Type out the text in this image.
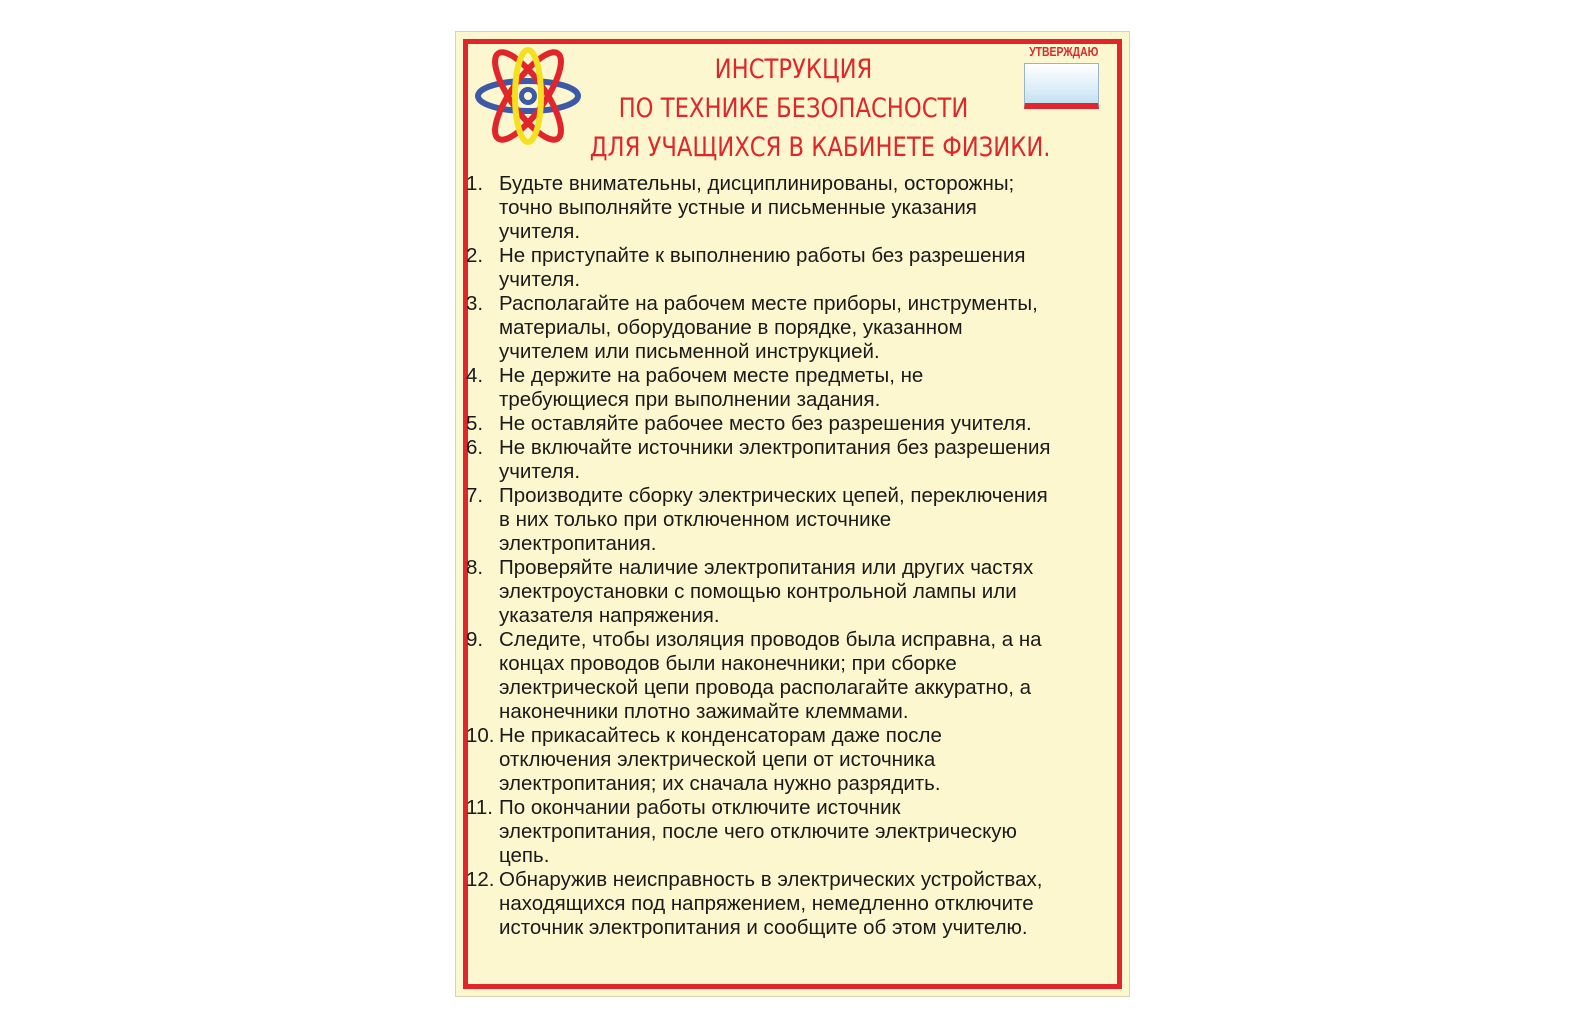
ИНСТРУКЦИЯ
ПО ТЕХНИКЕ БЕЗОПАСНОСТИ
ДЛЯ УЧАЩИХСЯ В КАБИНЕТЕ ФИЗИКИ.
УТВЕРЖДАЮ
1. Будьте внимательны, дисциплинированы, осторожны;
точно выполняйте устные и письменные указания
учителя.
2. Не приступайте к выполнению работы без разрешения
учителя.
3. Располагайте на рабочем месте приборы, инструменты,
материалы, оборудование в порядке, указанном
учителем или письменной инструкцией.
4. Не держите на рабочем месте предметы, не
требующиеся при выполнении задания.
5. Не оставляйте рабочее место без разрешения учителя.
6. Не включайте источники электропитания без разрешения
учителя.
7. Производите сборку электрических цепей, переключения
в них только при отключенном источнике
электропитания.
8. Проверяйте наличие электропитания или других частях
электроустановки с помощью контрольной лампы или
указателя напряжения.
9. Следите, чтобы изоляция проводов была исправна, а на
концах проводов были наконечники; при сборке
электрической цепи провода располагайте аккуратно, а
наконечники плотно зажимайте клеммами.
10. Не прикасайтесь к конденсаторам даже после
отключения электрической цепи от источника
электропитания; их сначала нужно разрядить.
11. По окончании работы отключите источник
электропитания, после чего отключите электрическую
цепь.
12. Обнаружив неисправность в электрических устройствах,
находящихся под напряжением, немедленно отключите
источник электропитания и сообщите об этом учителю.
